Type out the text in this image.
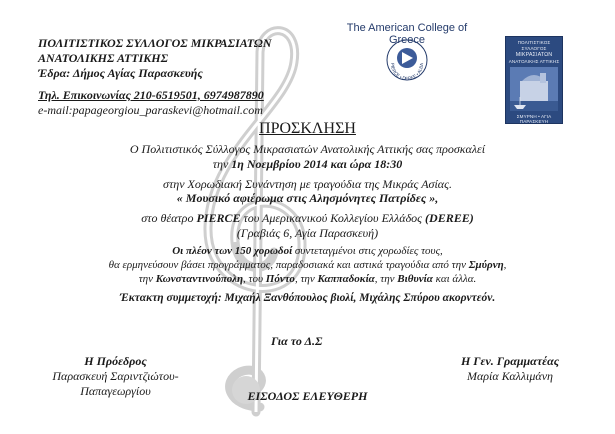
ΠΟΛΙΤΙΣΤΙΚΟΣ ΣΥΛΛΟΓΟΣ ΜΙΚΡΑΣΙΑΤΩΝ
ΑΝΑΤΟΛΙΚΗΣ ΑΤΤΙΚΗΣ
Έδρα: Δήμος Αγίας Παρασκευής
Τηλ. Επικοινωνίας 210-6519501, 6974987890
e-mail:papageorgiou_paraskevi@hotmail.com
The American College of Greece
PIERCE • DEREE • ALBA
ΠΟΛΙΤΙΣΤΙΚΟΣ
ΣΥΛΛΟΓΟΣ
ΜΙΚΡΑΣΙΑΤΩΝ
ΑΝΑΤΟΛΙΚΗΣ ΑΤΤΙΚΗΣ
ΣΜΥΡΝΗ • ΑΓΙΑ ΠΑΡΑΣΚΕΥΗ
ΠΡΟΣΚΛΗΣΗ
Ο Πολιτιστικός Σύλλογος Μικρασιατών Ανατολικής Αττικής σας προσκαλεί
την 1η Νοεμβρίου 2014 και ώρα 18:30
στην Χορωδιακή Συνάντηση με τραγούδια της Μικράς Ασίας.
« Μουσικό αφιέρωμα στις Αλησμόνητες Πατρίδες »,
στο θέατρο PIERCE του Αμερικανικού Κολλεγίου Ελλάδος (DEREE)
(Γραβιάς 6, Αγία Παρασκευή)
Οι πλέον των 150 χορωδοί συντεταγμένοι στις χορωδίες τους,
θα ερμηνεύσουν βάσει προγράμματος, παραδοσιακά και αστικά τραγούδια από την Σμύρνη,
την Κωνσταντινούπολη, του Πόντο, την Καππαδοκία, την Βιθυνία και άλλα.
Έκτακτη συμμετοχή: Μιχαήλ Ξανθόπουλος βιολί, Μιχάλης Σπύρου ακορντεόν.
Για το Δ.Σ
Η Πρόεδρος
Παρασκευή Σαριντζιώτου-
Παπαγεωργίου
Η Γεν. Γραμματέας
Μαρία Καλλιμάνη
ΕΙΣΟΔΟΣ ΕΛΕΥΘΕΡΗ
